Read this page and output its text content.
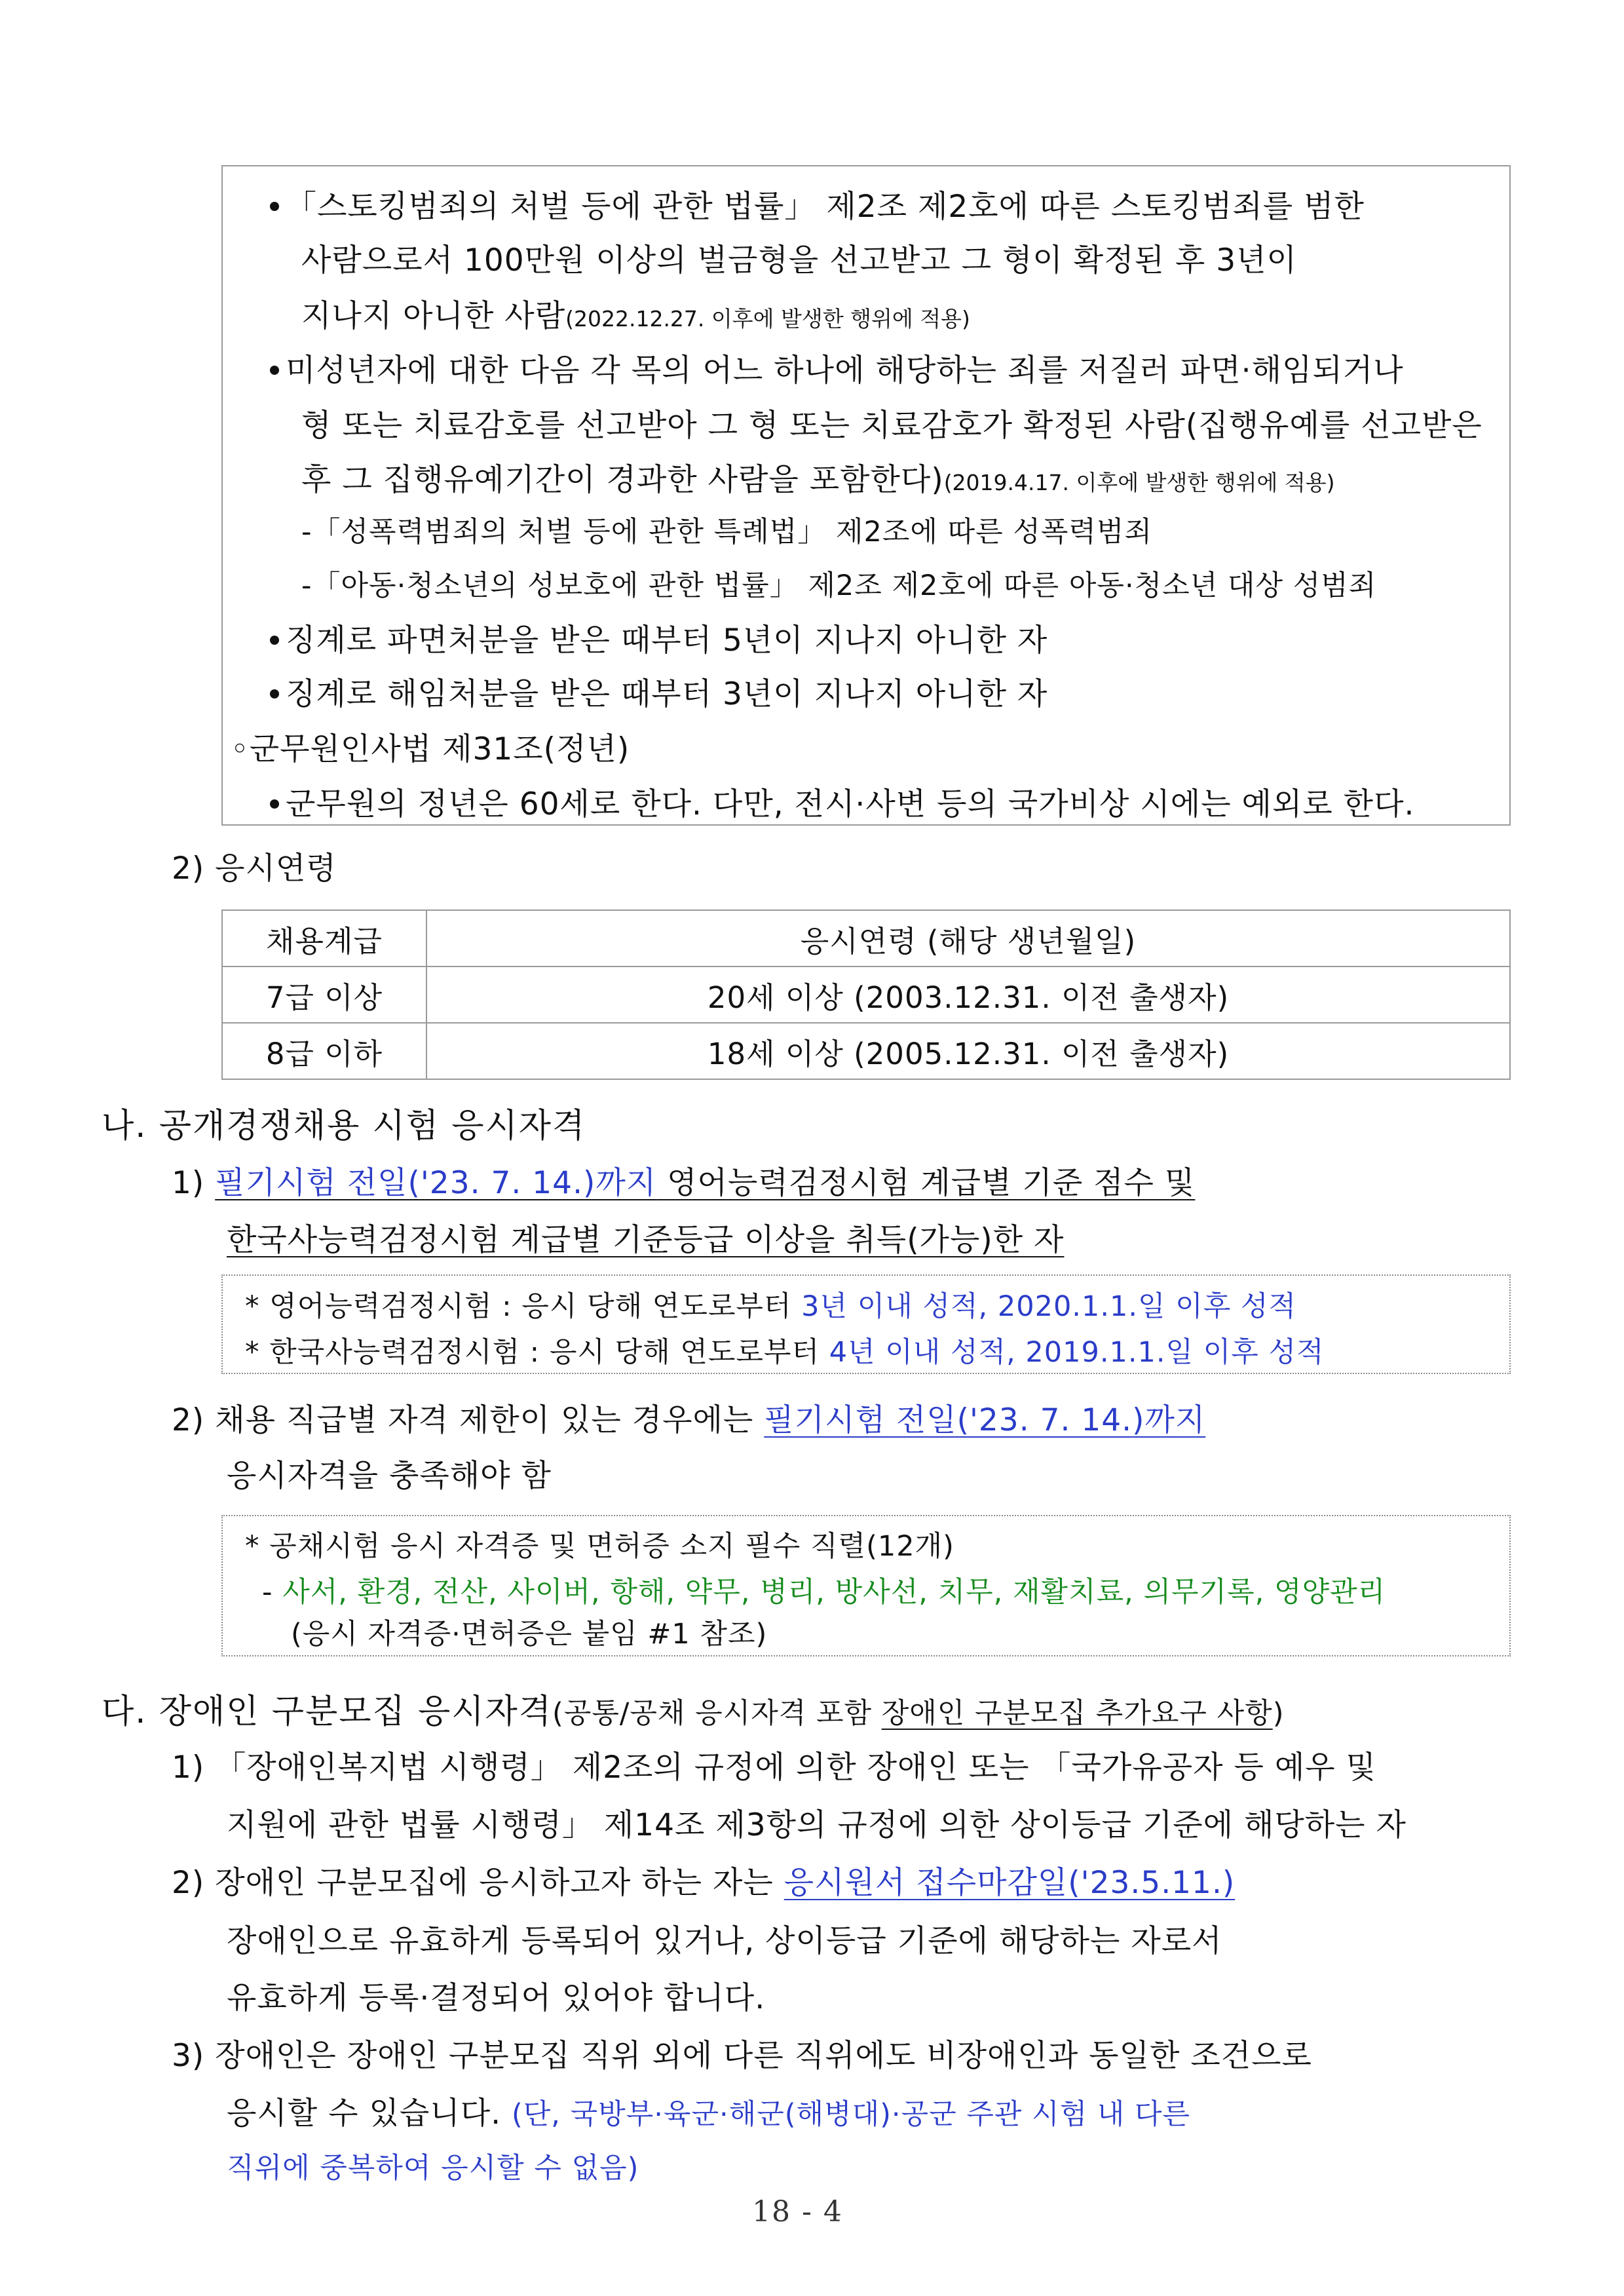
「스토킹범죄의 처벌 등에 관한 법률」 제2조 제2호에 따른 스토킹범죄를 범한
사람으로서 100만원 이상의 벌금형을 선고받고 그 형이 확정된 후 3년이
지나지 아니한 사람(2022.12.27. 이후에 발생한 행위에 적용)
미성년자에 대한 다음 각 목의 어느 하나에 해당하는 죄를 저질러 파면·해임되거나
형 또는 치료감호를 선고받아 그 형 또는 치료감호가 확정된 사람(집행유예를 선고받은
후 그 집행유예기간이 경과한 사람을 포함한다)(2019.4.17. 이후에 발생한 행위에 적용)
-「성폭력범죄의 처벌 등에 관한 특례법」 제2조에 따른 성폭력범죄
-「아동·청소년의 성보호에 관한 법률」 제2조 제2호에 따른 아동·청소년 대상 성범죄
징계로 파면처분을 받은 때부터 5년이 지나지 아니한 자
징계로 해임처분을 받은 때부터 3년이 지나지 아니한 자
◦군무원인사법 제31조(정년)
군무원의 정년은 60세로 한다. 다만, 전시·사변 등의 국가비상 시에는 예외로 한다.
2) 응시연령
채용계급	응시연령 (해당 생년월일)
7급 이상	20세 이상 (2003.12.31. 이전 출생자)
8급 이하	18세 이상 (2005.12.31. 이전 출생자)
나. 공개경쟁채용 시험 응시자격
1) 필기시험 전일('23. 7. 14.)까지 영어능력검정시험 계급별 기준 점수 및
한국사능력검정시험 계급별 기준등급 이상을 취득(가능)한 자
* 영어능력검정시험 : 응시 당해 연도로부터 3년 이내 성적, 2020.1.1.일 이후 성적
* 한국사능력검정시험 : 응시 당해 연도로부터 4년 이내 성적, 2019.1.1.일 이후 성적
2) 채용 직급별 자격 제한이 있는 경우에는 필기시험 전일('23. 7. 14.)까지
응시자격을 충족해야 함
* 공채시험 응시 자격증 및 면허증 소지 필수 직렬(12개)
- 사서, 환경, 전산, 사이버, 항해, 약무, 병리, 방사선, 치무, 재활치료, 의무기록, 영양관리
(응시 자격증·면허증은 붙임 #1 참조)
다. 장애인 구분모집 응시자격(공통/공채 응시자격 포함 장애인 구분모집 추가요구 사항)
1) 「장애인복지법 시행령」 제2조의 규정에 의한 장애인 또는 「국가유공자 등 예우 및
지원에 관한 법률 시행령」 제14조 제3항의 규정에 의한 상이등급 기준에 해당하는 자
2) 장애인 구분모집에 응시하고자 하는 자는 응시원서 접수마감일('23.5.11.)
장애인으로 유효하게 등록되어 있거나, 상이등급 기준에 해당하는 자로서
유효하게 등록·결정되어 있어야 합니다.
3) 장애인은 장애인 구분모집 직위 외에 다른 직위에도 비장애인과 동일한 조건으로
응시할 수 있습니다. (단, 국방부·육군·해군(해병대)·공군 주관 시험 내 다른
직위에 중복하여 응시할 수 없음)
18 - 4
